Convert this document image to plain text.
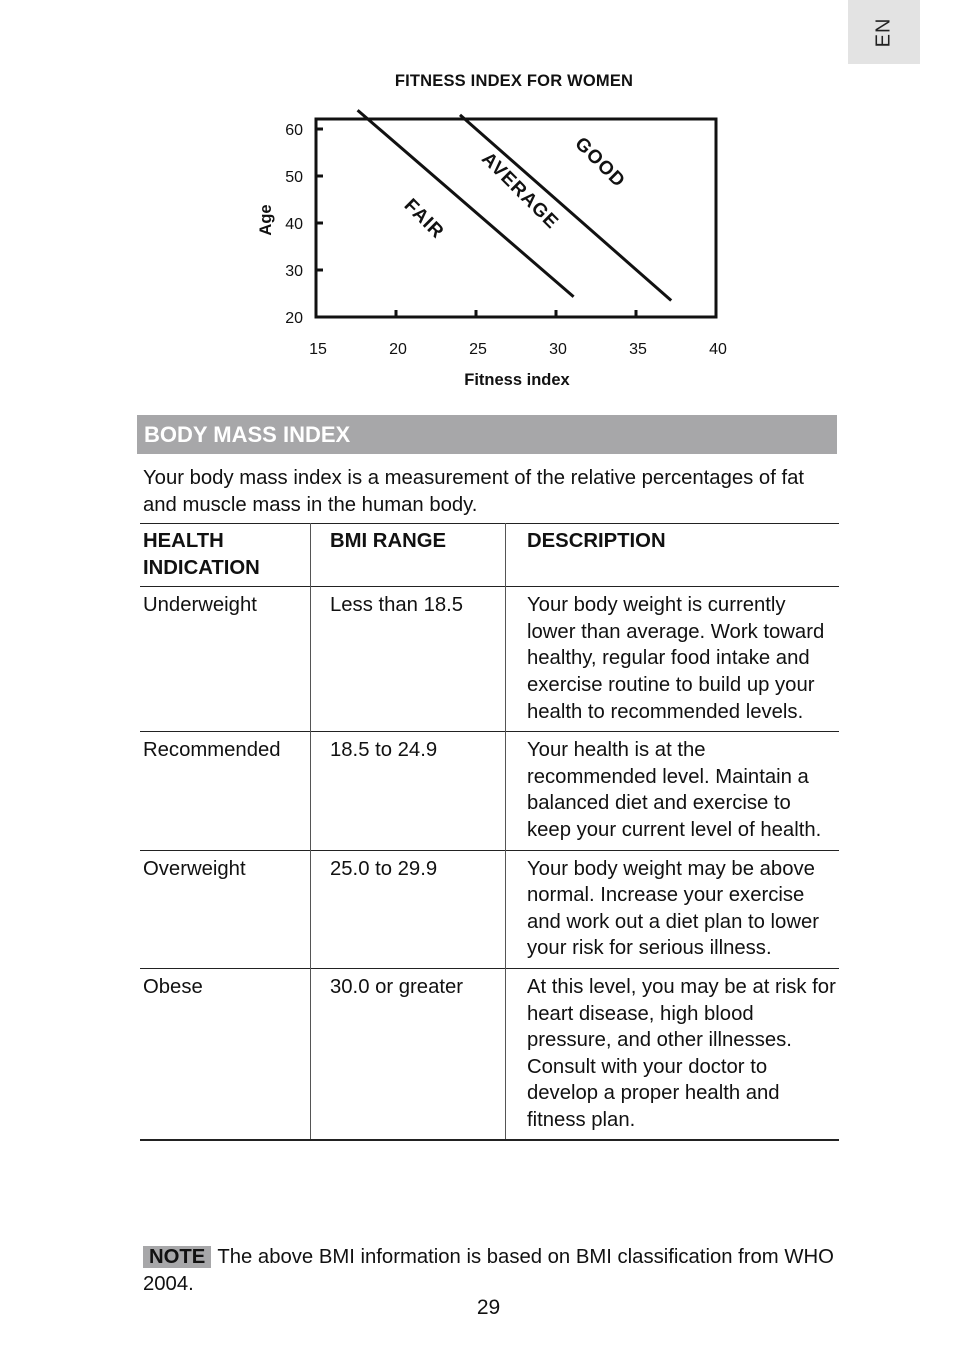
EN
FITNESS INDEX FOR WOMEN
20
30
40
50
60
15	20	25	30	35	40
Fitness index
Age	FAIR AVERAGE GOOD
BODY MASS INDEX
Your body mass index is a measurement of the relative percentages of fat and muscle mass in the human body.
HEALTH INDICATION	BMI RANGE	DESCRIPTION
Underweight	Less than 18.5	Your body weight is currently lower than average. Work toward healthy, regular food intake and exercise routine to build up your health to recommended levels.
Recommended	18.5 to 24.9	Your health is at the recommended level. Maintain a balanced diet and exercise to keep your current level of health.
Overweight	25.0 to 29.9	Your body weight may be above normal. Increase your exercise and work out a diet plan to lower your risk for serious illness.
Obese	30.0 or greater	At this level, you may be at risk for heart disease, high blood pressure, and other illnesses. Consult with your doctor to develop a proper health and fitness plan.
NOTE The above BMI information is based on BMI classification from WHO 2004.
29
